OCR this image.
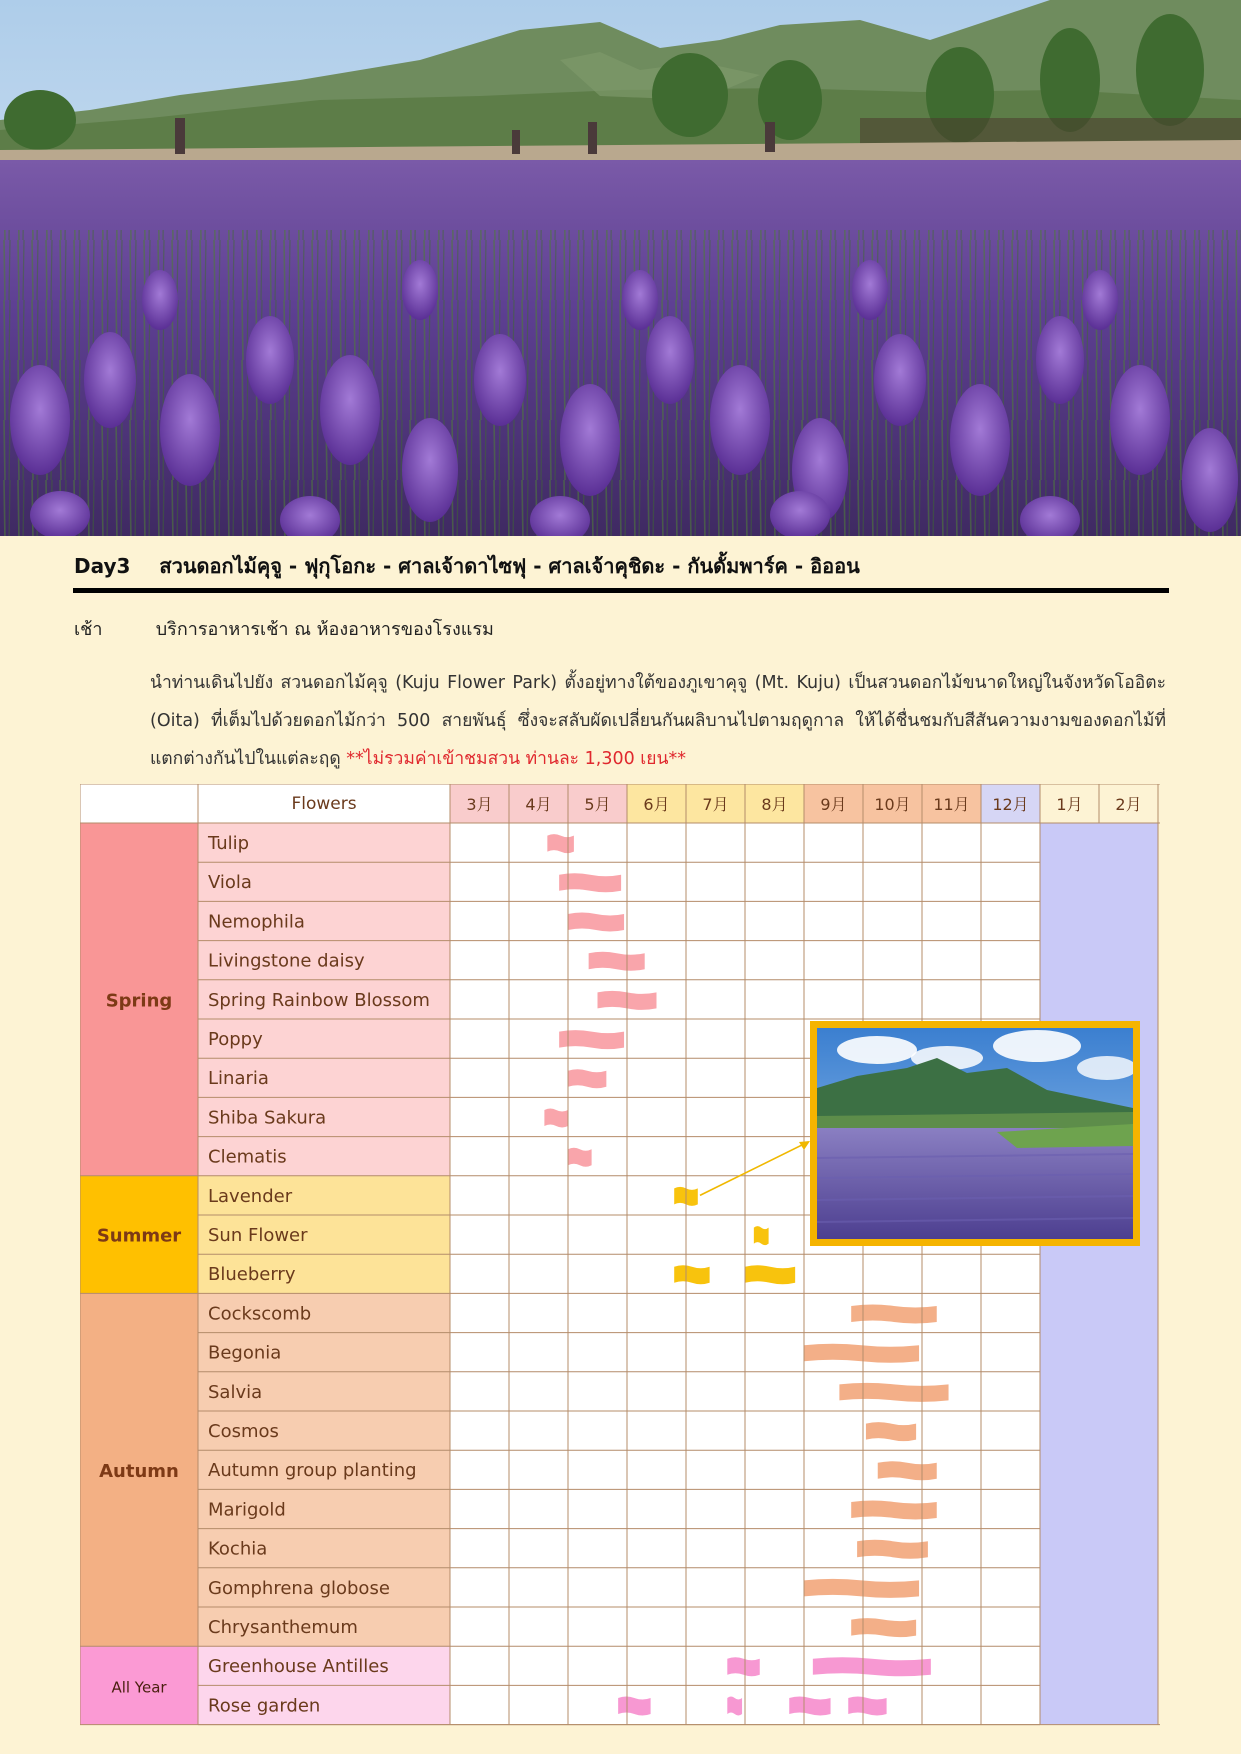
Day3 สวนดอกไม้คุจู - ฟุกุโอกะ - ศาลเจ้าดาไซฟุ - ศาลเจ้าคุชิดะ - กันดั้มพาร์ค - อิออน
เช้า	บริการอาหารเช้า ณ ห้องอาหารของโรงแรม
นำท่านเดินไปยัง สวนดอกไม้คุจู (Kuju Flower Park) ตั้งอยู่ทางใต้ของภูเขาคุจู (Mt. Kuju) เป็นสวนดอกไม้ขนาดใหญ่ในจังหวัดโออิตะ (Oita) ที่เต็มไปด้วยดอกไม้กว่า 500 สายพันธุ์ ซึ่งจะสลับผัดเปลี่ยนกันผลิบานไปตามฤดูกาล ให้ได้ชื่นชมกับสีสันความงามของดอกไม้ที่แตกต่างกันไปในแต่ละฤดู **ไม่รวมค่าเข้าชมสวน ท่านละ 1,300 เยน**
Flowers	3月 4月 5月 6月 7月 8月 9月 10月 11月 12月 1月 2月
Spring
Tulip
Viola
Nemophila
Livingstone daisy
Spring Rainbow Blossom
Poppy
Linaria
Shiba Sakura
Clematis
Summer
Lavender
Sun Flower
Blueberry
Autumn
Cockscomb
Begonia
Salvia
Cosmos
Autumn group planting
Marigold
Kochia
Gomphrena globose
Chrysanthemum
All Year
Greenhouse Antilles
Rose garden
